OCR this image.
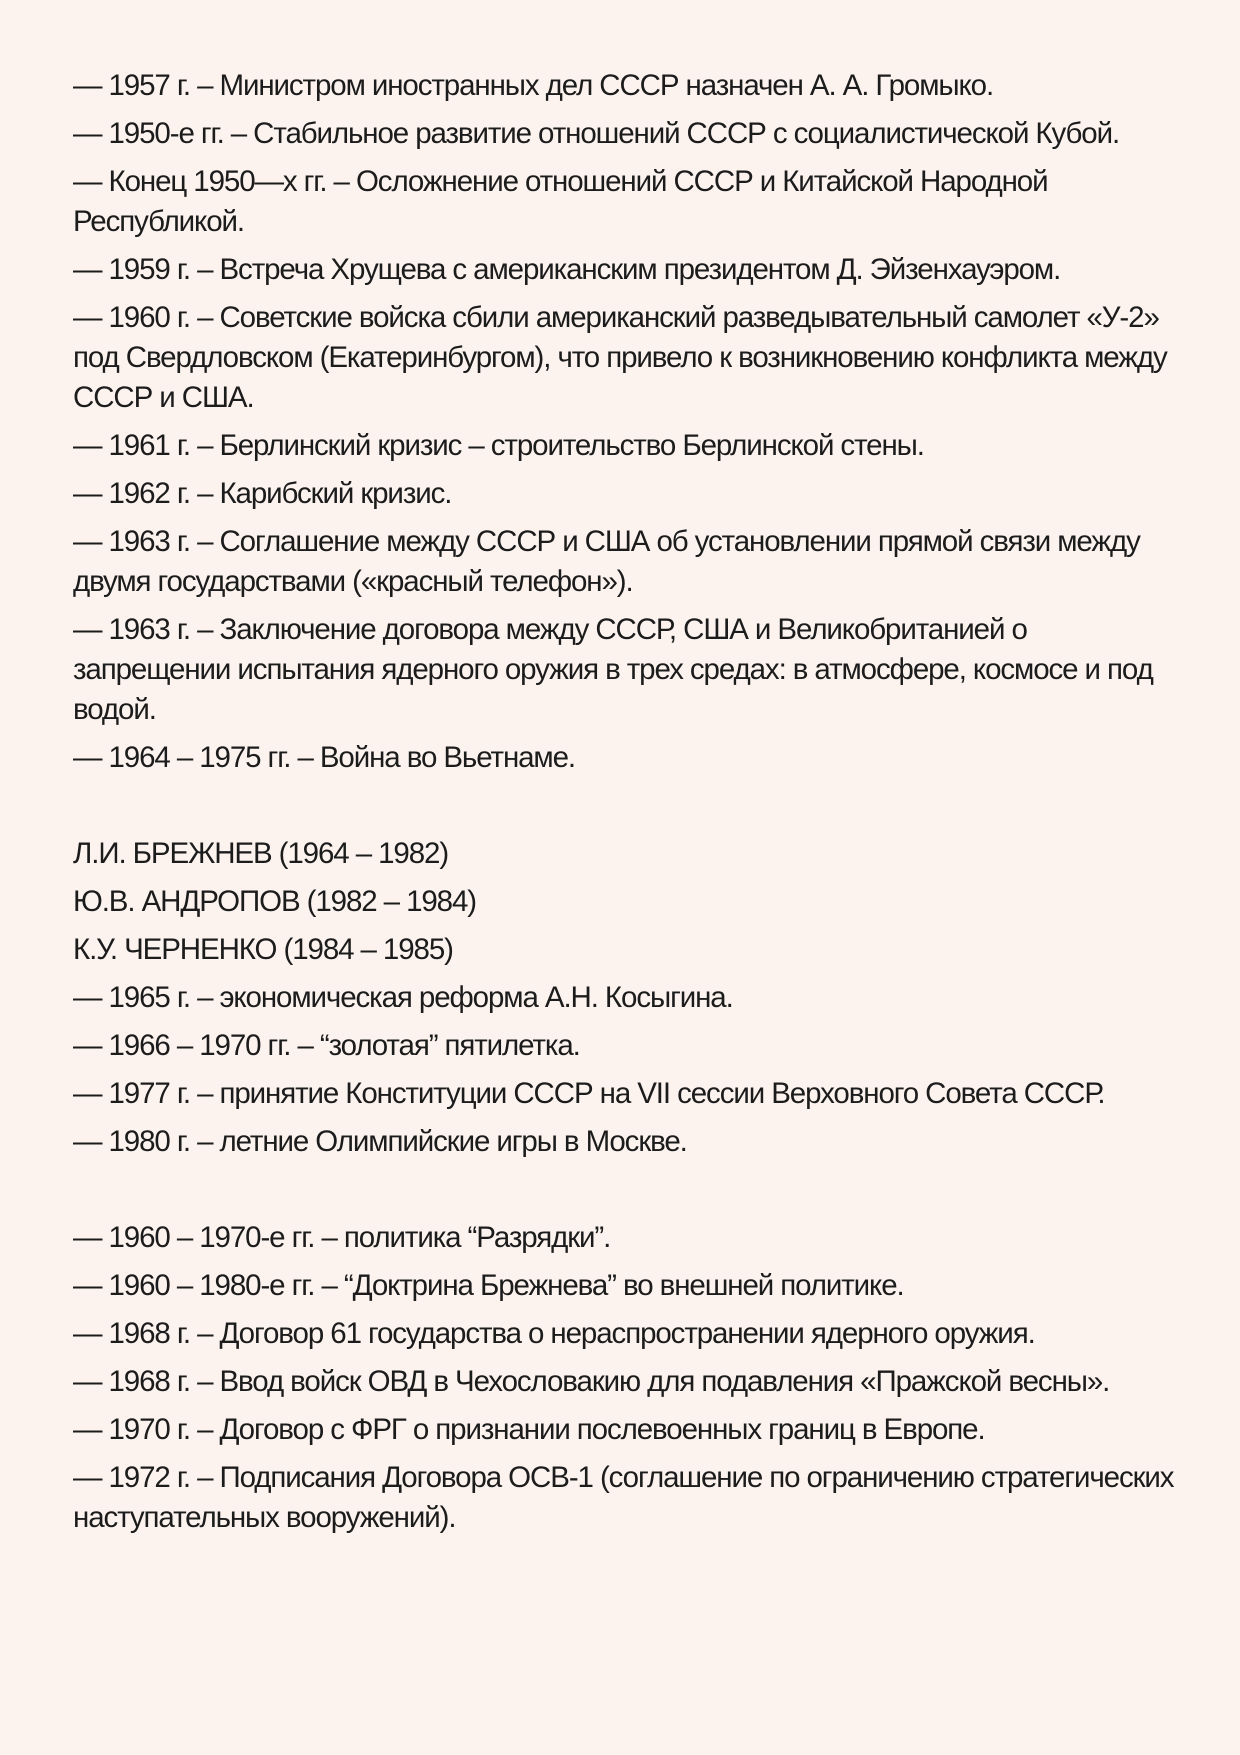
— 1957 г. – Министром иностранных дел СССР назначен А. А. Громыко.

— 1950-е гг. – Стабильное развитие отношений СССР с социалистической Кубой.

— Конец 1950—х гг. – Осложнение отношений СССР и Китайской Народной Республикой.

— 1959 г. – Встреча Хрущева с американским президентом Д. Эйзенхауэром.

— 1960 г. – Советские войска сбили американский разведывательный самолет «У-2» под Свердловском (Екатеринбургом), что привело к возникновению конфликта между СССР и США.

— 1961 г. – Берлинский кризис – строительство Берлинской стены.

— 1962 г. – Карибский кризис.

— 1963 г. – Соглашение между СССР и США об установлении прямой связи между двумя государствами («красный телефон»).

— 1963 г. – Заключение договора между СССР, США и Великобританией о запрещении испытания ядерного оружия в трех средах: в атмосфере, космосе и под водой.

— 1964 – 1975 гг. – Война во Вьетнаме.

Л.И. БРЕЖНЕВ (1964 – 1982)

Ю.В. АНДРОПОВ (1982 – 1984)

К.У. ЧЕРНЕНКО (1984 – 1985)

— 1965 г. – экономическая реформа А.Н. Косыгина.

— 1966 – 1970 гг. – “золотая” пятилетка.

— 1977 г. – принятие Конституции СССР на VII сессии Верховного Совета СССР.

— 1980 г. – летние Олимпийские игры в Москве.

— 1960 – 1970-е гг. – политика “Разрядки”.

— 1960 – 1980-е гг. – “Доктрина Брежнева” во внешней политике.

— 1968 г. – Договор 61 государства о нераспространении ядерного оружия.

— 1968 г. – Ввод войск ОВД в Чехословакию для подавления «Пражской весны».

— 1970 г. – Договор с ФРГ о признании послевоенных границ в Европе.

— 1972 г. – Подписания Договора ОСВ-1 (соглашение по ограничению стратегических наступательных вооружений).
